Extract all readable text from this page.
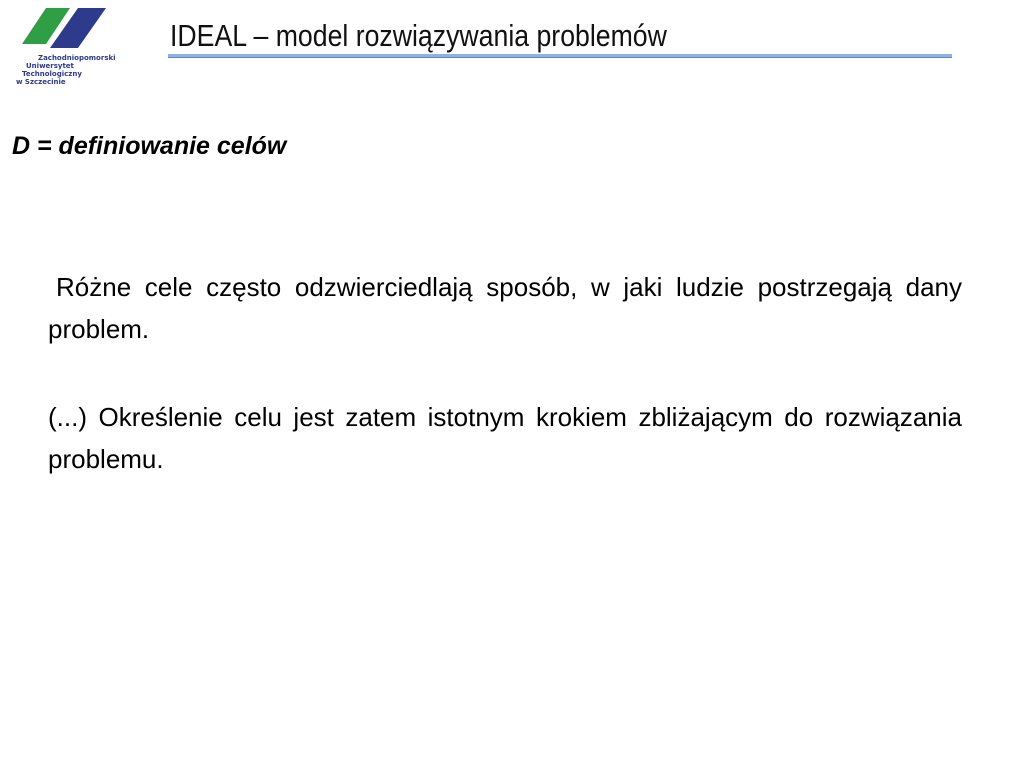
Zachodniopomorski
Uniwersytet
Technologiczny
w Szczecinie
IDEAL – model rozwiązywania problemów
D = definiowanie celów

Różne cele często odzwierciedlają sposób, w jaki ludzie postrzegają dany problem.

(...) Określenie celu jest zatem istotnym krokiem zbliżającym do rozwiązania problemu.
